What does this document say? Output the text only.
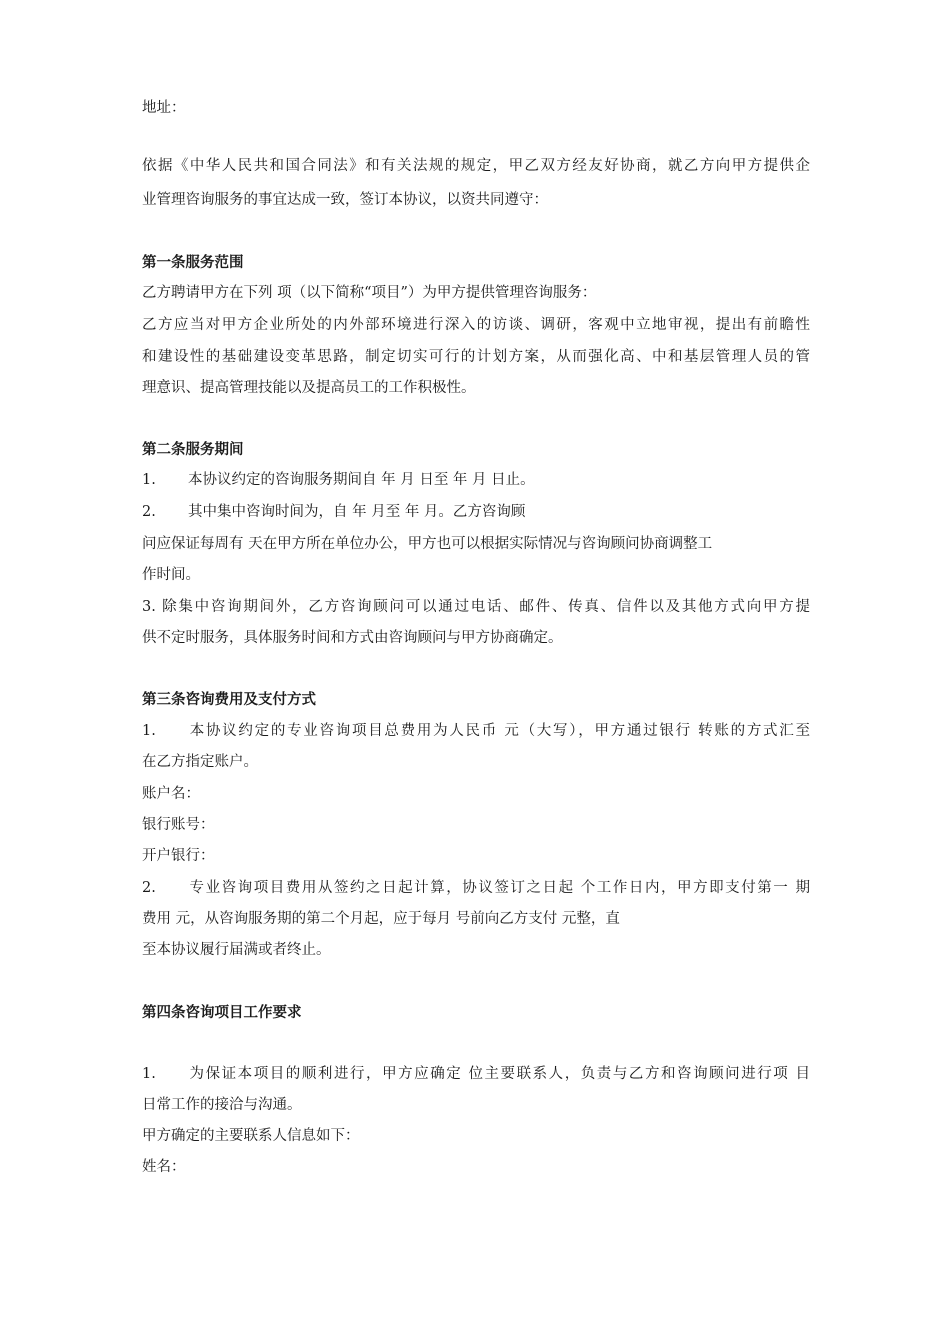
地址：

依据《中华人民共和国合同法》和有关法规的规定，甲乙双方经友好协商，就乙方向甲方提供企

业管理咨询服务的事宜达成一致，签订本协议，以资共同遵守：

第一条服务范围

乙方聘请甲方在下列 项（以下简称“项目”）为甲方提供管理咨询服务：

乙方应当对甲方企业所处的内外部环境进行深入的访谈、调研，客观中立地审视，提出有前瞻性

和建设性的基础建设变革思路，制定切实可行的计划方案，从而强化高、中和基层管理人员的管

理意识、提高管理技能以及提高员工的工作积极性。

第二条服务期间

1. 本协议约定的咨询服务期间自 年 月 日至 年 月 日止。

2. 其中集中咨询时间为，自 年 月至 年 月。乙方咨询顾

问应保证每周有 天在甲方所在单位办公，甲方也可以根据实际情况与咨询顾问协商调整工

作时间。

3. 除集中咨询期间外，乙方咨询顾问可以通过电话、邮件、传真、信件以及其他方式向甲方提

供不定时服务，具体服务时间和方式由咨询顾问与甲方协商确定。

第三条咨询费用及支付方式

1. 本协议约定的专业咨询项目总费用为人民币 元（大写），甲方通过银行 转账的方式汇至

在乙方指定账户。

账户名：

银行账号：

开户银行：

2. 专业咨询项目费用从签约之日起计算，协议签订之日起 个工作日内，甲方即支付第一 期

费用 元，从咨询服务期的第二个月起，应于每月 号前向乙方支付 元整，直

至本协议履行届满或者终止。

第四条咨询项目工作要求

1. 为保证本项目的顺利进行，甲方应确定 位主要联系人，负责与乙方和咨询顾问进行项 目

日常工作的接洽与沟通。

甲方确定的主要联系人信息如下：

姓名：
